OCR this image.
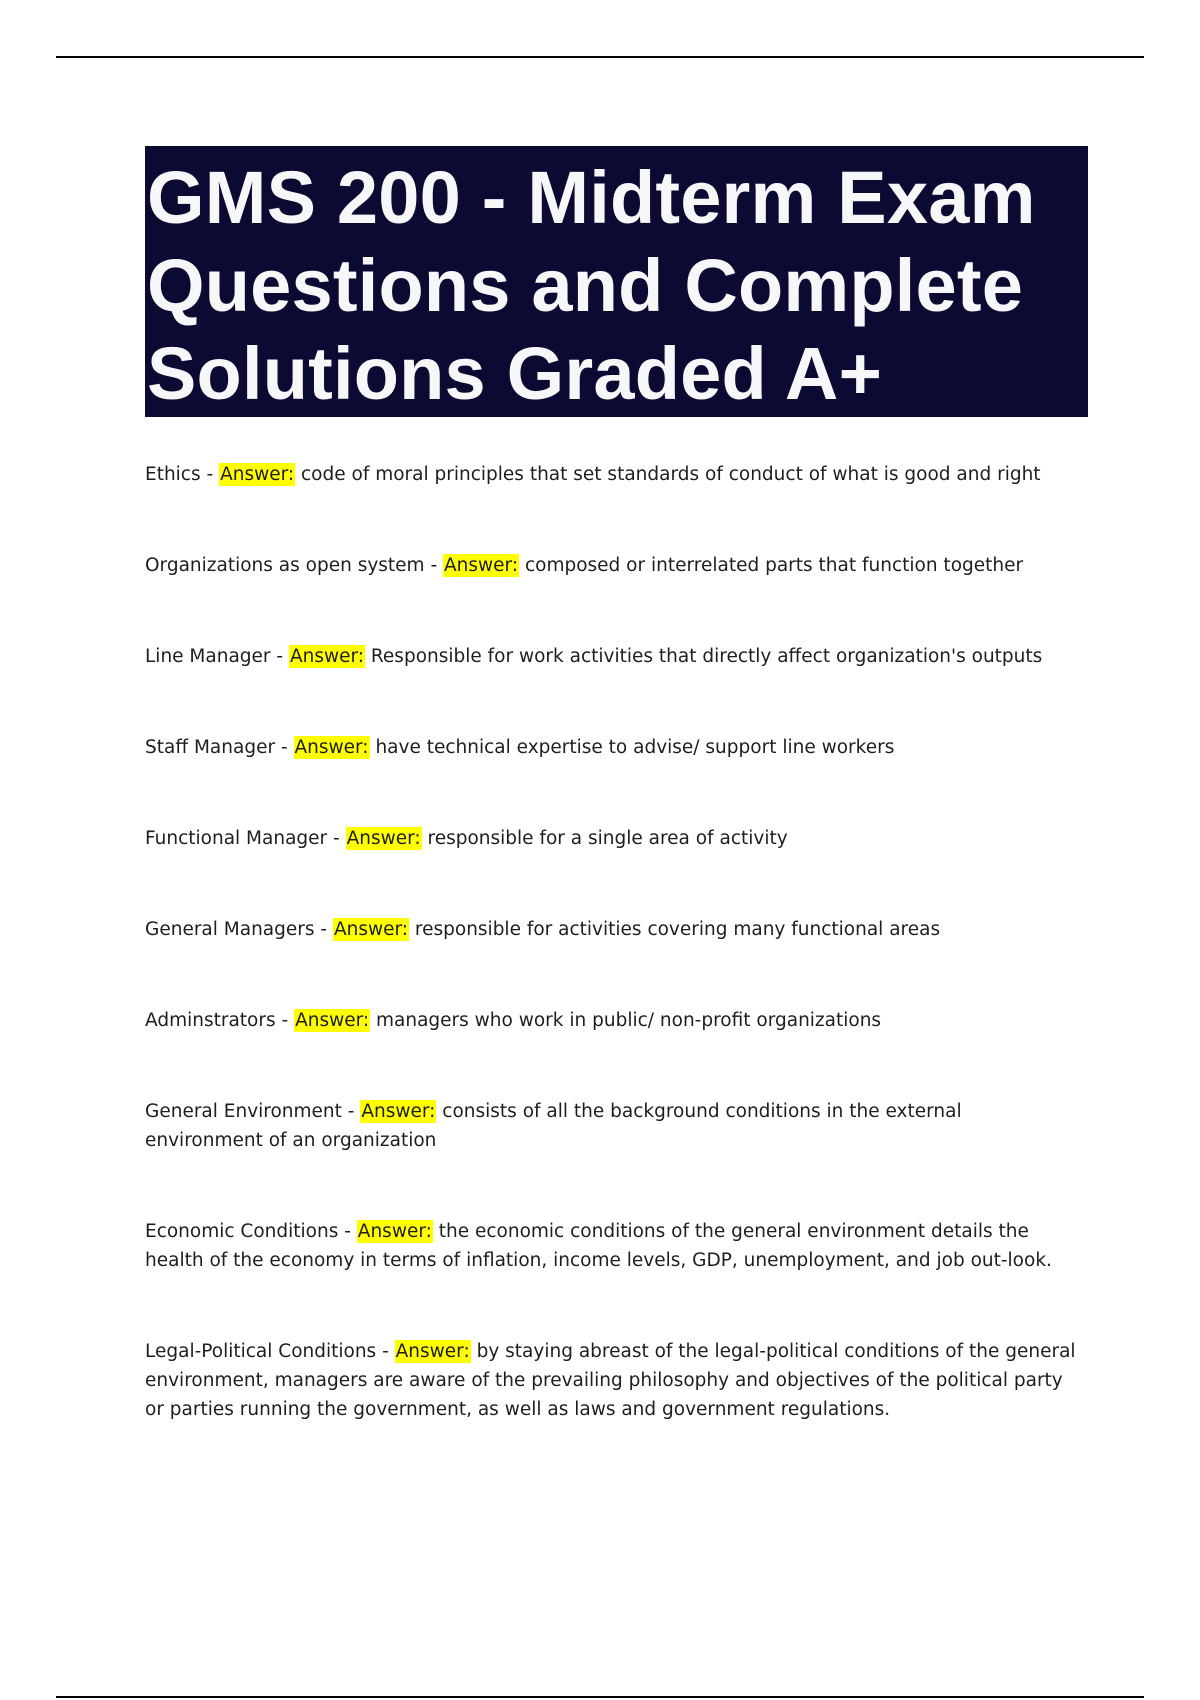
GMS 200 - Midterm Exam
Questions and Complete
Solutions Graded A+

Ethics - Answer: code of moral principles that set standards of conduct of what is good and right

Organizations as open system - Answer: composed or interrelated parts that function together

Line Manager - Answer: Responsible for work activities that directly affect organization's outputs

Staff Manager - Answer: have technical expertise to advise/ support line workers

Functional Manager - Answer: responsible for a single area of activity

General Managers - Answer: responsible for activities covering many functional areas

Adminstrators - Answer: managers who work in public/ non-profit organizations

General Environment - Answer: consists of all the background conditions in the external environment of an organization

Economic Conditions - Answer: the economic conditions of the general environment details the health of the economy in terms of inflation, income levels, GDP, unemployment, and job out-look.

Legal-Political Conditions - Answer: by staying abreast of the legal-political conditions of the general environment, managers are aware of the prevailing philosophy and objectives of the political party or parties running the government, as well as laws and government regulations.
